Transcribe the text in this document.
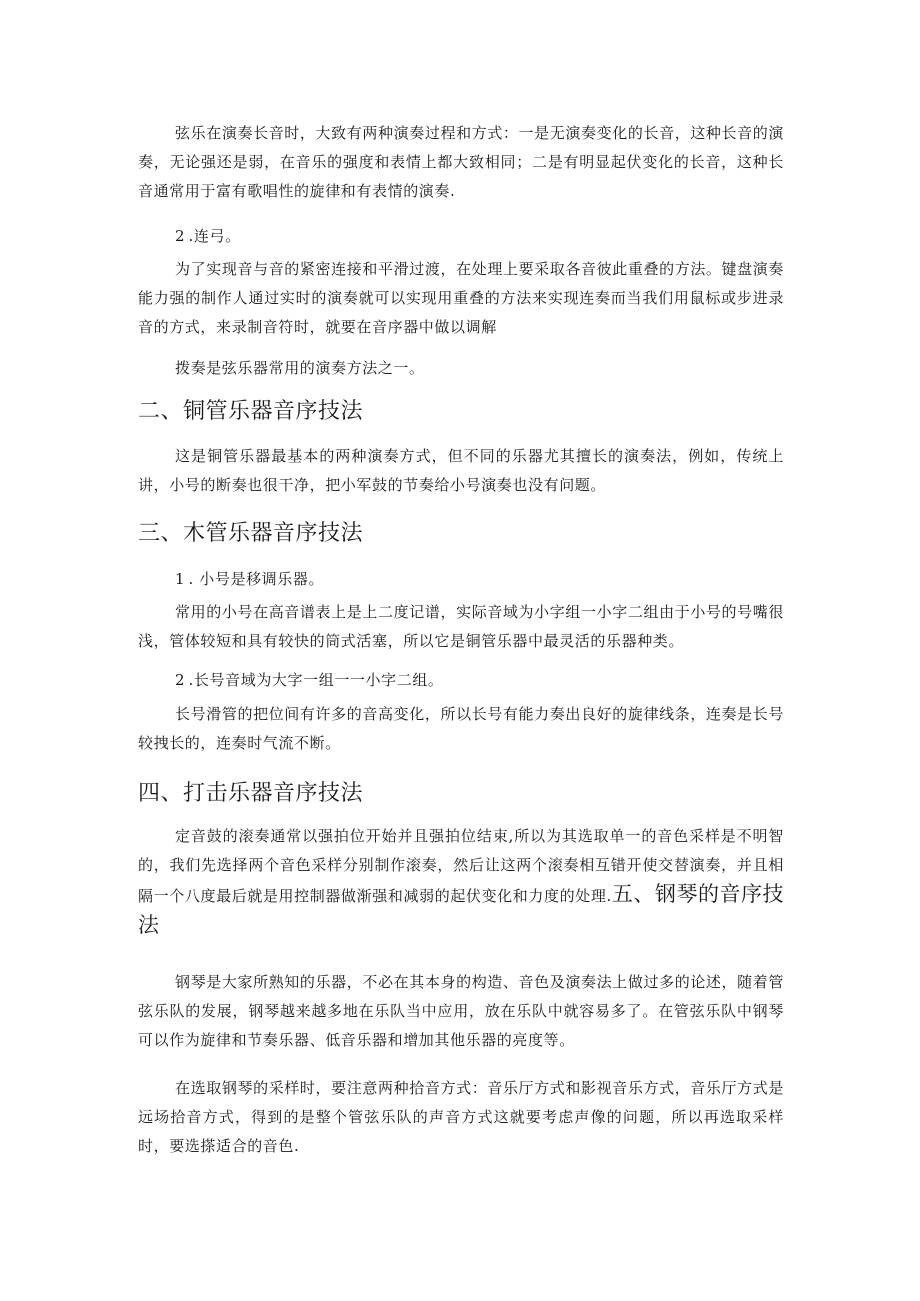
弦乐在演奏长音时，大致有两种演奏过程和方式：一是无演奏变化的长音，这种长音的演奏，无论强还是弱，在音乐的强度和表情上都大致相同；二是有明显起伏变化的长音，这种长音通常用于富有歌唱性的旋律和有表情的演奏.

2.连弓。

为了实现音与音的紧密连接和平滑过渡，在处理上要采取各音彼此重叠的方法。键盘演奏能力强的制作人通过实时的演奏就可以实现用重叠的方法来实现连奏而当我们用鼠标或步进录音的方式，来录制音符时，就要在音序器中做以调解

拨奏是弦乐器常用的演奏方法之一。

二、铜管乐器音序技法

这是铜管乐器最基本的两种演奏方式，但不同的乐器尤其擅长的演奏法，例如，传统上讲，小号的断奏也很干净，把小军鼓的节奏给小号演奏也没有问题。

三、木管乐器音序技法

1. 小号是移调乐器。

常用的小号在高音谱表上是上二度记谱，实际音域为小字组一小字二组由于小号的号嘴很浅，管体较短和具有较快的筒式活塞，所以它是铜管乐器中最灵活的乐器种类。

2.长号音域为大字一组一一小字二组。

长号滑管的把位间有许多的音高变化，所以长号有能力奏出良好的旋律线条，连奏是长号较拽长的，连奏时气流不断。

四、打击乐器音序技法

定音鼓的滚奏通常以强拍位开始并且强拍位结束,所以为其选取单一的音色采样是不明智的，我们先选择两个音色采样分别制作滚奏，然后让这两个滚奏相互错开使交替演奏，并且相隔一个八度最后就是用控制器做渐强和减弱的起伏变化和力度的处理.五、钢琴的音序技法

钢琴是大家所熟知的乐器，不必在其本身的构造、音色及演奏法上做过多的论述，随着管弦乐队的发展，钢琴越来越多地在乐队当中应用，放在乐队中就容易多了。在管弦乐队中钢琴可以作为旋律和节奏乐器、低音乐器和增加其他乐器的亮度等。

在选取钢琴的采样时，要注意两种拾音方式：音乐厅方式和影视音乐方式，音乐厅方式是远场拾音方式，得到的是整个管弦乐队的声音方式这就要考虑声像的问题，所以再选取采样时，要选搽适合的音色.
